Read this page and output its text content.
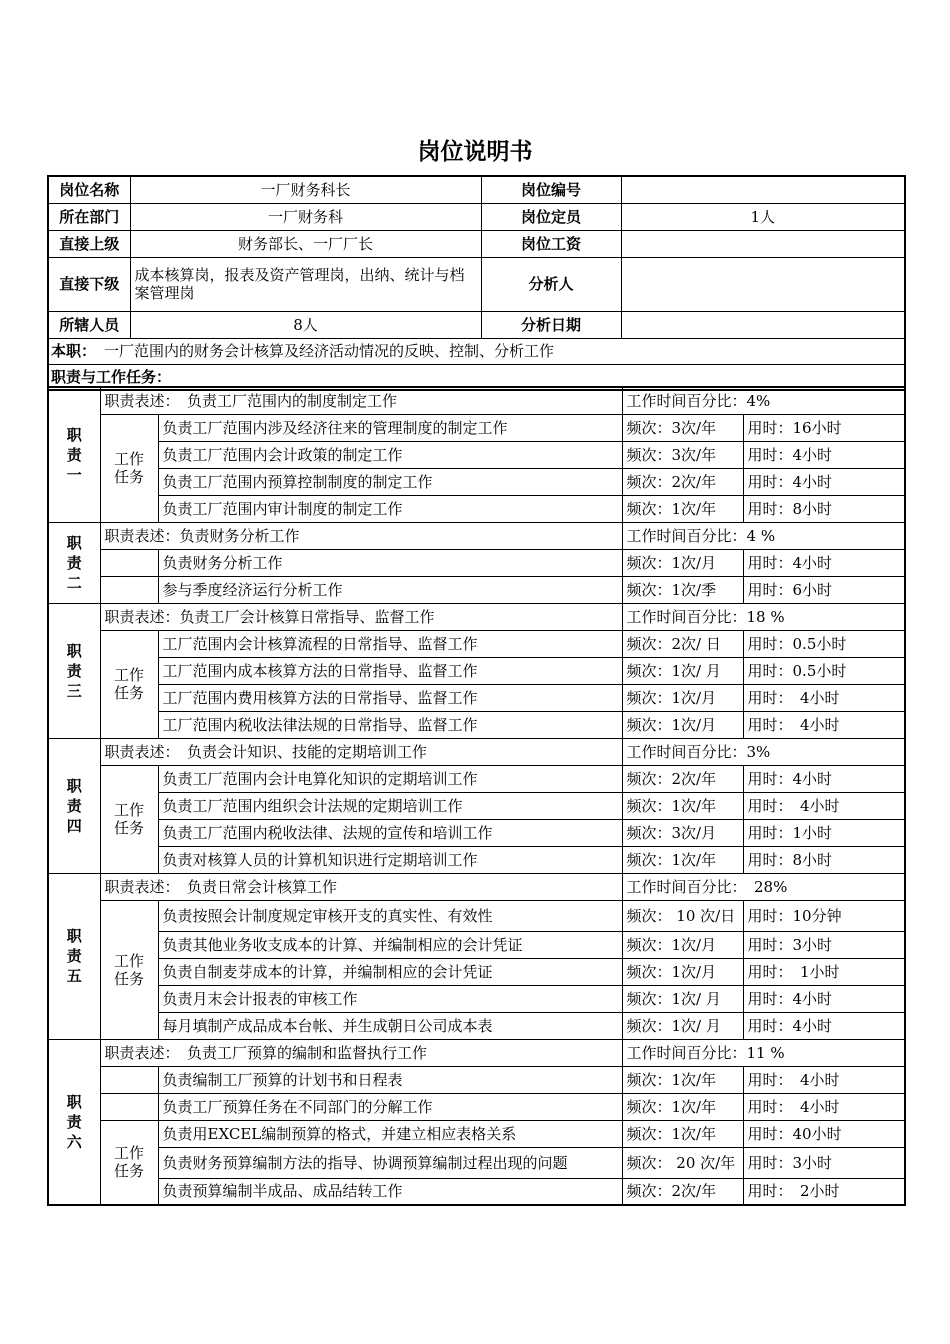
岗位说明书
岗位名称	一厂财务科长	岗位编号	
所在部门	一厂财务科	岗位定员	1人
直接上级	财务部长、一厂厂长	岗位工资	
直接下级	成本核算岗，报表及资产管理岗，出纳、统计与档案管理岗	分析人	
所辖人员	8人	分析日期	
本职： 一厂范围内的财务会计核算及经济活动情况的反映、控制、分析工作			
职责与工作任务：			
职责一	职责表述：　负责工厂范围内的制度制定工作		工作时间百分比：4%	
	工作任务	负责工厂范围内涉及经济往来的管理制度的制定工作	频次：3次/年	用时：16小时
		负责工厂范围内会计政策的制定工作	频次：3次/年	用时：4小时
		负责工厂范围内预算控制制度的制定工作	频次：2次/年	用时：4小时
		负责工厂范围内审计制度的制定工作	频次：1次/年	用时：8小时
职责二	职责表述：负责财务分析工作		工作时间百分比：4 %	
		负责财务分析工作	频次：1次/月	用时：4小时
		参与季度经济运行分析工作	频次：1次/季	用时：6小时
职责三	职责表述：负责工厂会计核算日常指导、监督工作		工作时间百分比：18 %	
	工作任务	工厂范围内会计核算流程的日常指导、监督工作	频次：2次/ 日	用时：0.5小时
		工厂范围内成本核算方法的日常指导、监督工作	频次：1次/ 月	用时：0.5小时
		工厂范围内费用核算方法的日常指导、监督工作	频次：1次/月	用时：　4小时
		工厂范围内税收法律法规的日常指导、监督工作	频次：1次/月	用时：　4小时
职责四	职责表述：　负责会计知识、技能的定期培训工作		工作时间百分比：3%	
	工作任务	负责工厂范围内会计电算化知识的定期培训工作	频次：2次/年	用时：4小时
		负责工厂范围内组织会计法规的定期培训工作	频次：1次/年	用时：　4小时
		负责工厂范围内税收法律、法规的宣传和培训工作	频次：3次/月	用时：1小时
		负责对核算人员的计算机知识进行定期培训工作	频次：1次/年	用时：8小时
职责五	职责表述：　负责日常会计核算工作		工作时间百分比：　28%	
	工作任务	负责按照会计制度规定审核开支的真实性、有效性	频次： 10 次/日	用时：10分钟
		负责其他业务收支成本的计算、并编制相应的会计凭证	频次：1次/月	用时：3小时
		负责自制麦芽成本的计算，并编制相应的会计凭证	频次：1次/月	用时：　1小时
		负责月末会计报表的审核工作	频次：1次/ 月	用时：4小时
		每月填制产成品成本台帐、并生成朝日公司成本表	频次：1次/ 月	用时：4小时
职责六	职责表述：　负责工厂预算的编制和监督执行工作		工作时间百分比：11 %	
		负责编制工厂预算的计划书和日程表	频次：1次/年	用时：　4小时
		负责工厂预算任务在不同部门的分解工作	频次：1次/年	用时：　4小时
	工作任务	负责用EXCEL编制预算的格式，并建立相应表格关系	频次：1次/年	用时：40小时
		负责财务预算编制方法的指导、协调预算编制过程出现的问题	频次： 20 次/年	用时：3小时
		负责预算编制半成品、成品结转工作	频次：2次/年	用时：　2小时
